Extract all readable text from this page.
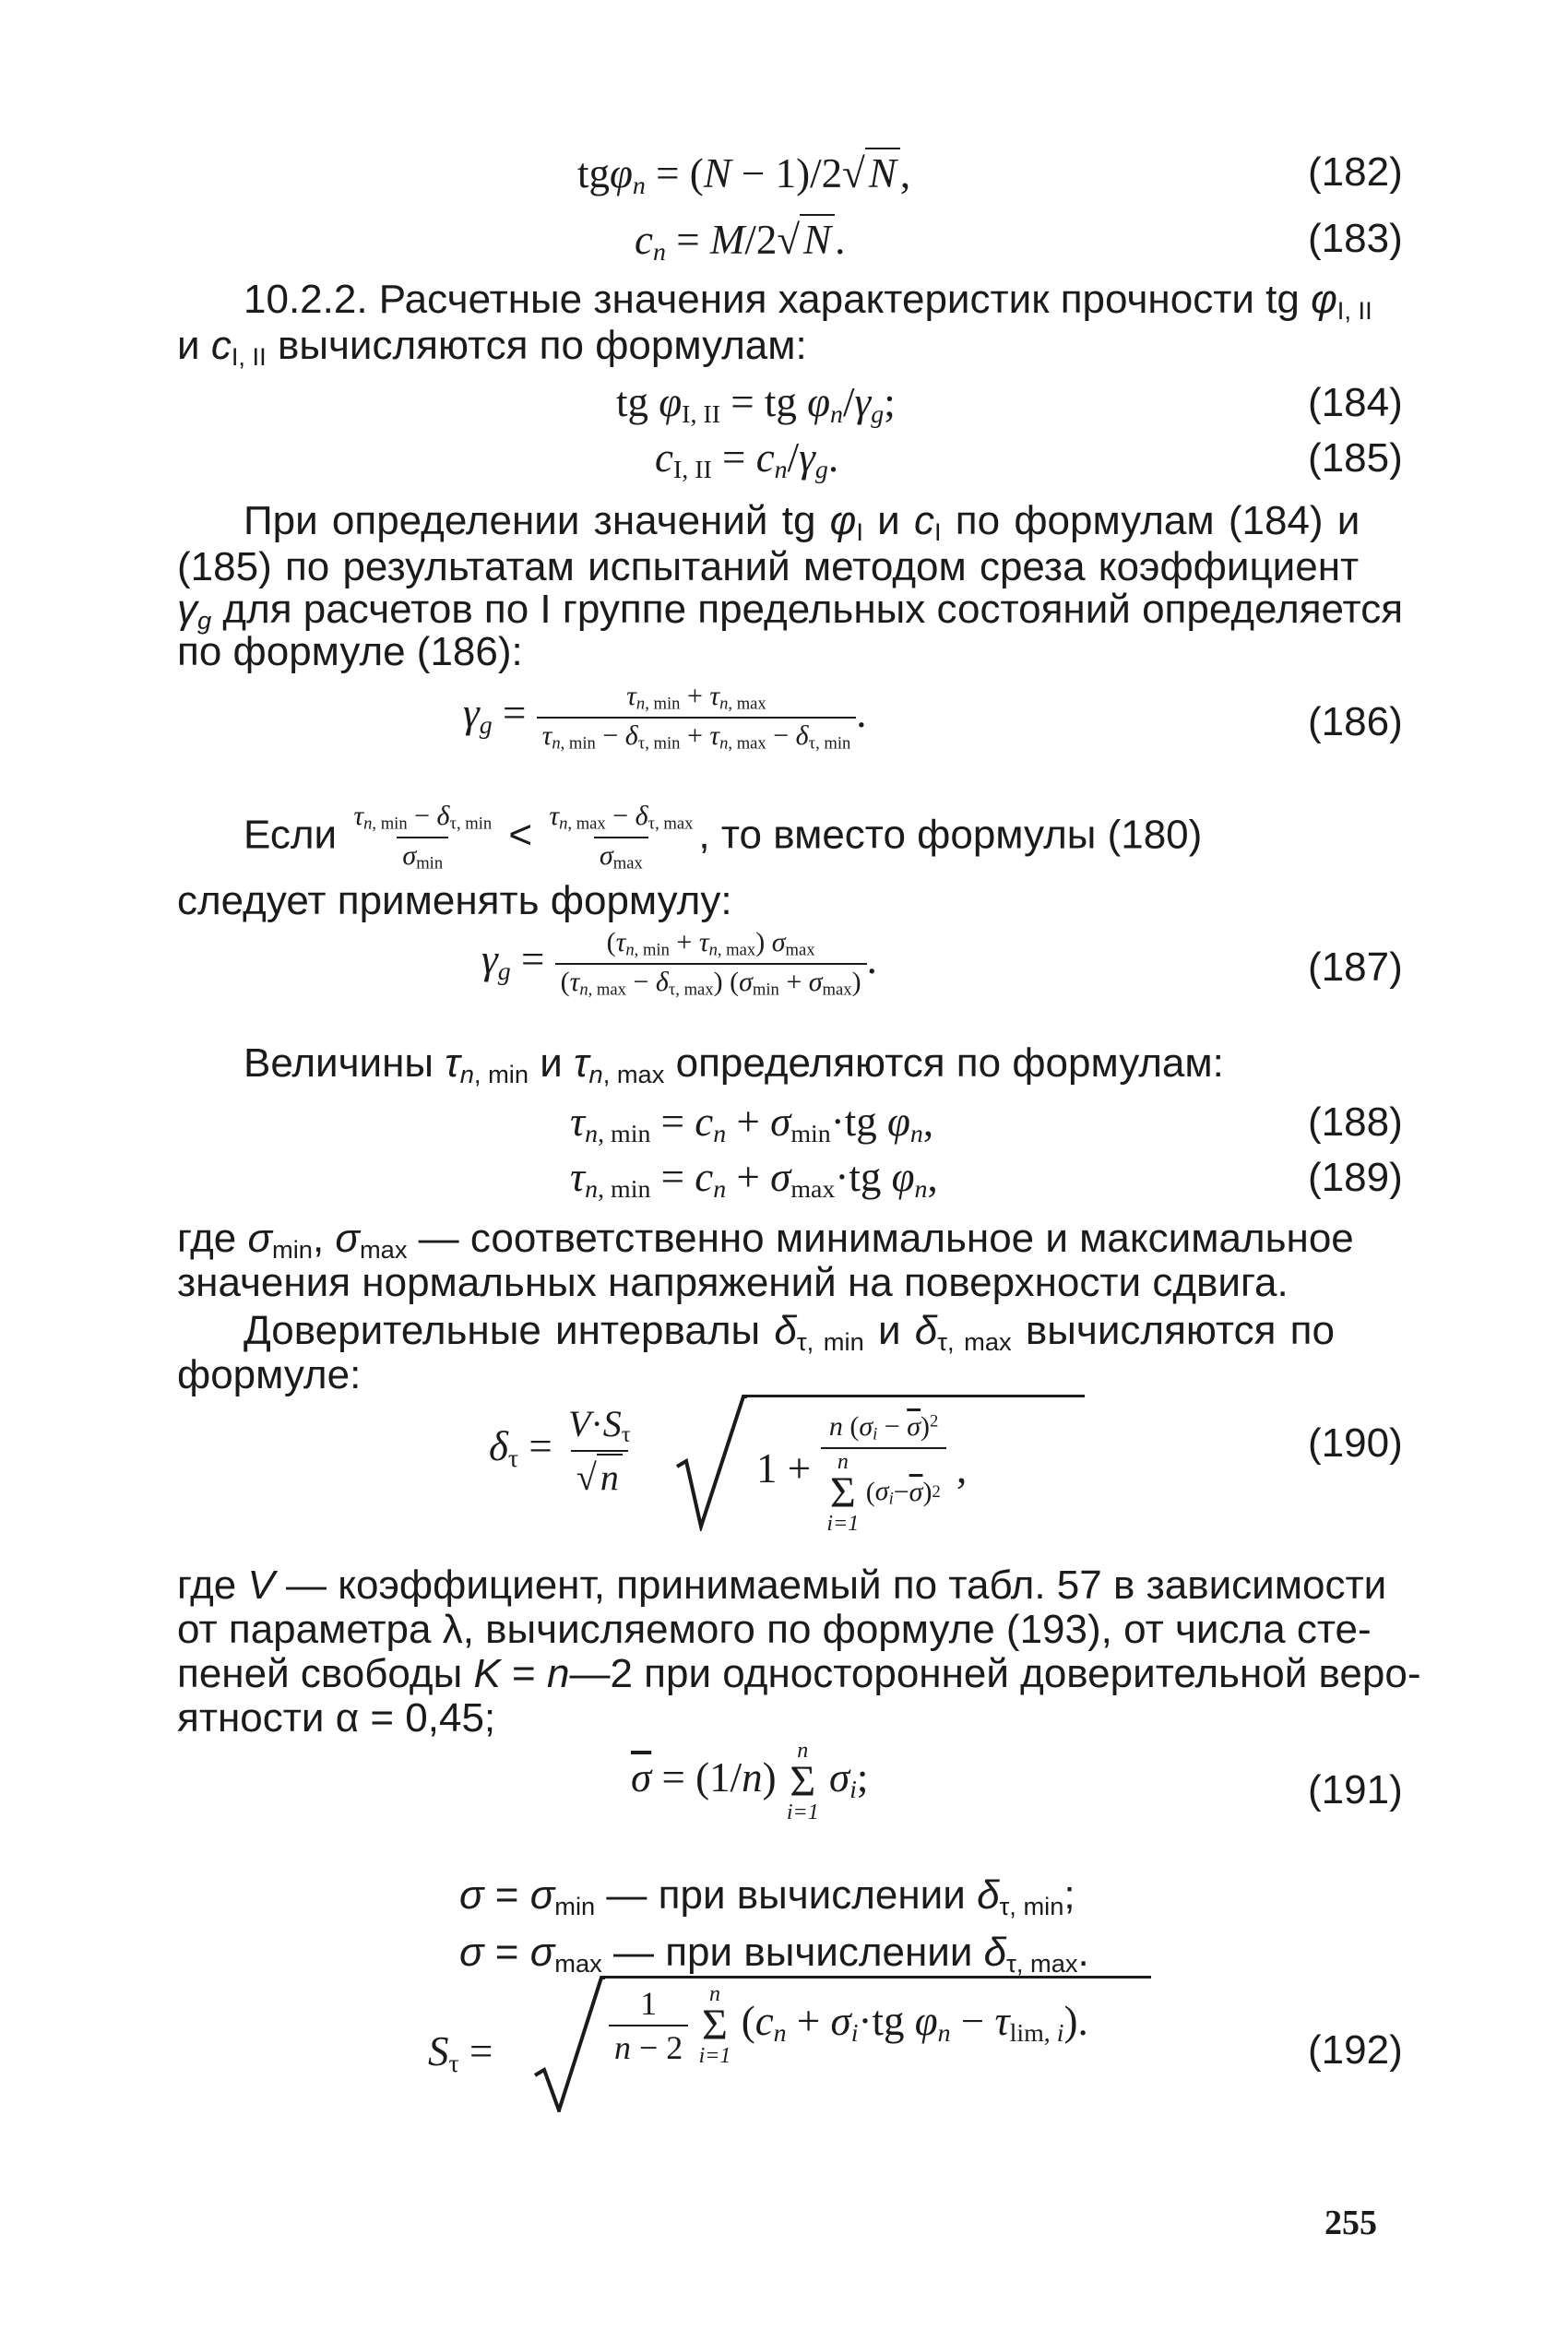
tgφ$_n$ = (N − 1)/2√N,	(182)
$c_n = M/2√N$.	(183)
10.2.2. Расчетные значения характеристик прочности tg $\varphi_{I, II}$
и $c_{I, II}$ вычисляются по формулам:
tg $\varphi_{I, II}$ = tg $\varphi_n/\gamma_g$;	(184)
$c_{I, II} = c_n/\gamma_g$.	(185)
При определении значений tg $\varphi_I$ и $c_I$ по формулам (184) и
(185) по результатам испытаний методом среза коэффициент
$\gamma_g$ для расчетов по I группе предельных состояний определяется
по формуле (186):
$\gamma_g = \frac{\tau_{n, min} + \tau_{n, max}}{\tau_{n, min} - \delta_{\tau, min} + \tau_{n, max} - \delta_{\tau, min}}$ .	(186)
Если $\frac{\tau_{n, min} - \delta_{\tau, min}}{\sigma_{min}} < \frac{\tau_{n, max} - \delta_{\tau, max}}{\sigma_{max}}$ , то вместо формулы (180)
следует применять формулу:
$\gamma_g = \frac{(\tau_{n, min} + \tau_{n, max}) \sigma_{max}}{(\tau_{n, max} - \delta_{\tau, max}) (\sigma_{min} + \sigma_{max})}$ .	(187)
Величины $\tau_{n, min}$ и $\tau_{n, max}$ определяются по формулам:
$\tau_{n, min} = c_n + \sigma_{min}\cdot tg$ $\varphi_n$,	(188)
$\tau_{n, min} = c_n + \sigma_{max}\cdot tg$ $\varphi_n$,	(189)
где $\sigma_{min}$, $\sigma_{max}$ — соответственно минимальное и максимальное
значения нормальных напряжений на поверхности сдвига.
Доверительные интервалы $\delta_{\tau, min}$ и $\delta_{\tau, max}$ вычисляются по
формуле:
$\delta_\tau = \frac{V\cdot S_\tau}{√ n}$	1 + n $(\sigma_i - \overline{\sigma})^2$
n
Σ
i=1
( $\sigma_i - \overline{\sigma}$ ) 2 ,
(190)
где V — коэффициент, принимаемый по табл. 57 в зависимости
от параметра λ, вычисляемого по формуле (193), от числа сте-
пеней свободы K = n—2 при односторонней доверительной веро-
ятности α = 0,45;
$\overline{\sigma} = (1/n)$
n
Σ
i=1
$\sigma_i$;	(191)
$\sigma = \sigma_{min}$ — при вычислении $\delta_{\tau, min}$;
$\sigma = \sigma_{max}$ — при вычислении $\delta_{\tau, max}$.
$S_\tau$ =	$\frac{1}{n - 2}$
n
Σ
i=1
($c_n + \sigma_i\cdot tg$ $\varphi_n - \tau_{lim, i}$).
(192)
255
